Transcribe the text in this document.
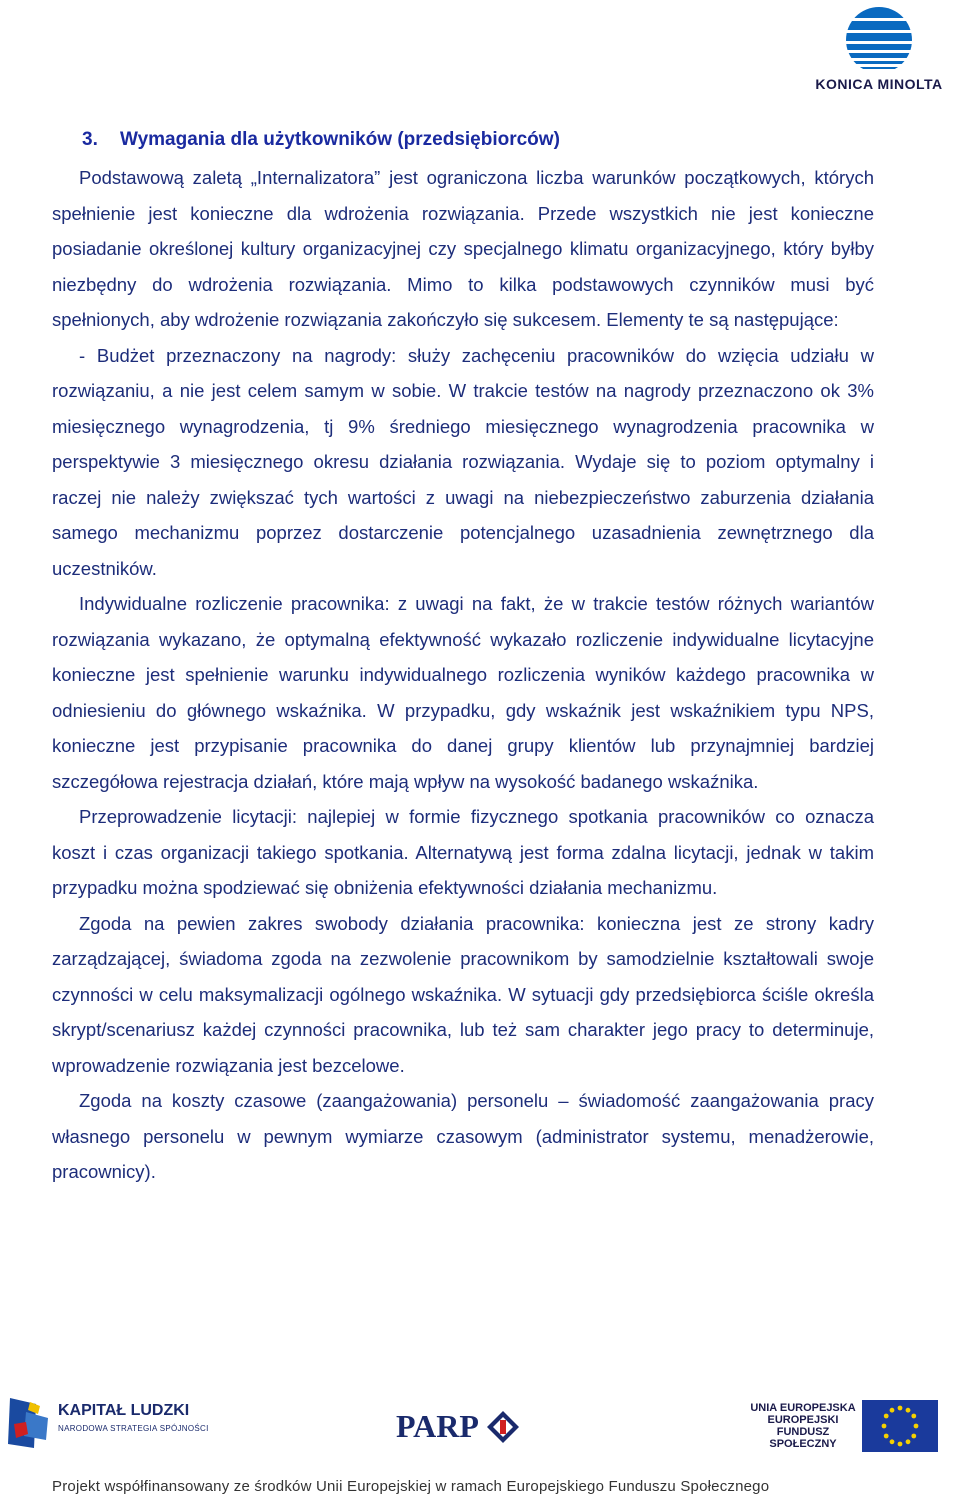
KONICA MINOLTA
3. Wymagania dla użytkowników (przedsiębiorców)

Podstawową zaletą „Internalizatora” jest ograniczona liczba warunków początkowych, których spełnienie jest konieczne dla wdrożenia rozwiązania. Przede wszystkich nie jest konieczne posiadanie określonej kultury organizacyjnej czy specjalnego klimatu organizacyjnego, który byłby niezbędny do wdrożenia rozwiązania. Mimo to kilka podstawowych czynników musi być spełnionych, aby wdrożenie rozwiązania zakończyło się sukcesem. Elementy te są następujące:

- Budżet przeznaczony na nagrody: służy zachęceniu pracowników do wzięcia udziału w rozwiązaniu, a nie jest celem samym w sobie. W trakcie testów na nagrody przeznaczono ok 3% miesięcznego wynagrodzenia, tj 9% średniego miesięcznego wynagrodzenia pracownika w perspektywie 3 miesięcznego okresu działania rozwiązania. Wydaje się to poziom optymalny i raczej nie należy zwiększać tych wartości z uwagi na niebezpieczeństwo zaburzenia działania samego mechanizmu poprzez dostarczenie potencjalnego uzasadnienia zewnętrznego dla uczestników.

Indywidualne rozliczenie pracownika: z uwagi na fakt, że w trakcie testów różnych wariantów rozwiązania wykazano, że optymalną efektywność wykazało rozliczenie indywidualne licytacyjne konieczne jest spełnienie warunku indywidualnego rozliczenia wyników każdego pracownika w odniesieniu do głównego wskaźnika. W przypadku, gdy wskaźnik jest wskaźnikiem typu NPS, konieczne jest przypisanie pracownika do danej grupy klientów lub przynajmniej bardziej szczegółowa rejestracja działań, które mają wpływ na wysokość badanego wskaźnika.

Przeprowadzenie licytacji: najlepiej w formie fizycznego spotkania pracowników co oznacza koszt i czas organizacji takiego spotkania. Alternatywą jest forma zdalna licytacji, jednak w takim przypadku można spodziewać się obniżenia efektywności działania mechanizmu.

Zgoda na pewien zakres swobody działania pracownika: konieczna jest ze strony kadry zarządzającej, świadoma zgoda na zezwolenie pracownikom by samodzielnie kształtowali swoje czynności w celu maksymalizacji ogólnego wskaźnika. W sytuacji gdy przedsiębiorca ściśle określa skrypt/scenariusz każdej czynności pracownika, lub też sam charakter jego pracy to determinuje, wprowadzenie rozwiązania jest bezcelowe.

Zgoda na koszty czasowe (zaangażowania) personelu – świadomość zaangażowania pracy własnego personelu w pewnym wymiarze czasowym (administrator systemu, menadżerowie, pracownicy).

KAPITAŁ LUDZKI
NARODOWA STRATEGIA SPÓJNOŚCI	PARP	UNIA EUROPEJSKA
EUROPEJSKI
FUNDUSZ SPOŁECZNY
Projekt współfinansowany ze środków Unii Europejskiej w ramach Europejskiego Funduszu Społecznego
